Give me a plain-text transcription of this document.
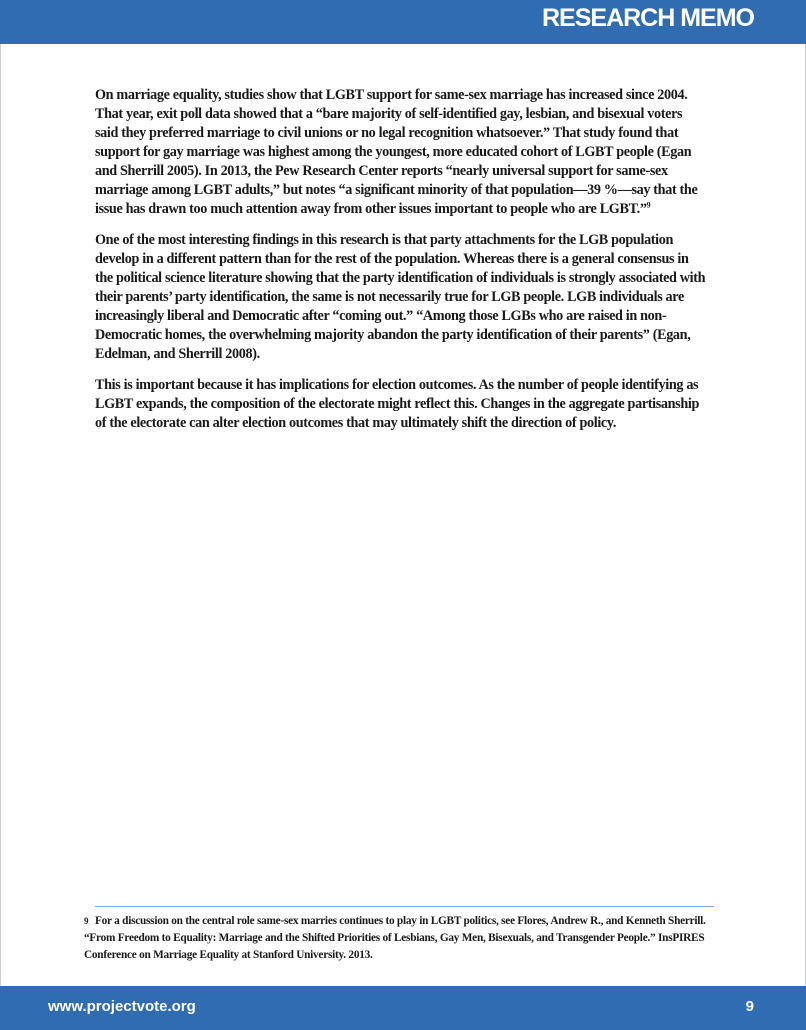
RESEARCH MEMO

On marriage equality, studies show that LGBT support for same-sex marriage has increased since 2004. That year, exit poll data showed that a “bare majority of self-identified gay, lesbian, and bisexual voters said they preferred marriage to civil unions or no legal recognition whatsoever.” That study found that support for gay marriage was highest among the youngest, more educated cohort of LGBT people (Egan and Sherrill 2005). In 2013, the Pew Research Center reports “nearly universal support for same-sex marriage among LGBT adults,” but notes “a significant minority of that population—39 %—say that the issue has drawn too much attention away from other issues important to people who are LGBT.”$^9$

One of the most interesting findings in this research is that party attachments for the LGB population develop in a different pattern than for the rest of the population. Whereas there is a general consensus in the political science literature showing that the party identification of individuals is strongly associated with their parents’ party identification, the same is not necessarily true for LGB people. LGB individuals are increasingly liberal and Democratic after “coming out.” “Among those LGBs who are raised in non-Democratic homes, the overwhelming majority abandon the party identification of their parents” (Egan, Edelman, and Sherrill 2008).

This is important because it has implications for election outcomes. As the number of people identifying as LGBT expands, the composition of the electorate might reflect this. Changes in the aggregate partisanship of the electorate can alter election outcomes that may ultimately shift the direction of policy.

9 For a discussion on the central role same-sex marries continues to play in LGBT politics, see Flores, Andrew R., and Kenneth Sherrill. “From Freedom to Equality: Marriage and the Shifted Priorities of Lesbians, Gay Men, Bisexuals, and Transgender People.” InsPIRES Conference on Marriage Equality at Stanford University. 2013.
www.projectvote.org	9
